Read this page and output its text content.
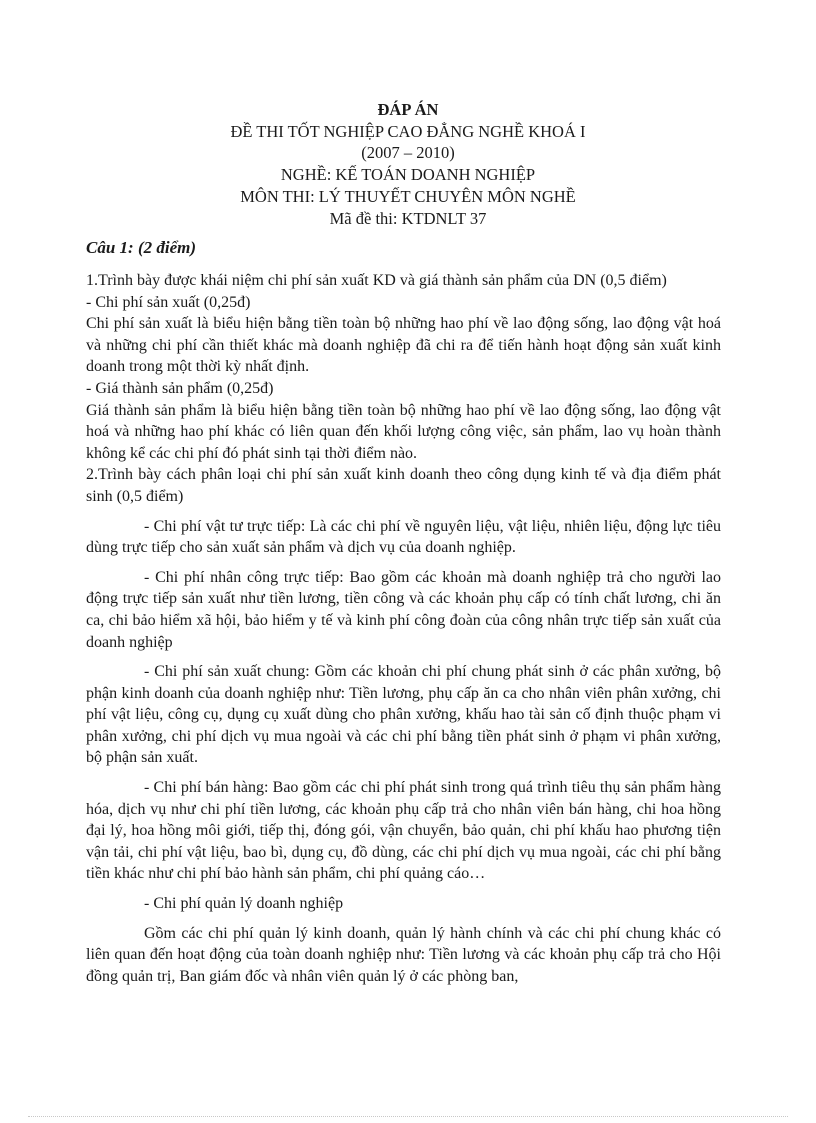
ĐÁP ÁN
ĐỀ THI TỐT NGHIỆP CAO ĐẲNG NGHỀ KHOÁ I
(2007 – 2010)
NGHỀ: KẾ TOÁN DOANH NGHIỆP
MÔN THI: LÝ THUYẾT CHUYÊN MÔN NGHỀ
Mã đề thi: KTDNLT 37
Câu 1: (2 điểm)

1.Trình bày được khái niệm chi phí sản xuất KD và giá thành sản phẩm của DN (0,5 điểm)

- Chi phí sản xuất (0,25đ)

Chi phí sản xuất là biểu hiện bằng tiền toàn bộ những hao phí về lao động sống, lao động vật hoá và những chi phí cần thiết khác mà doanh nghiệp đã chi ra để tiến hành hoạt động sản xuất kinh doanh trong một thời kỳ nhất định.

- Giá thành sản phẩm (0,25đ)

Giá thành sản phẩm là biểu hiện bằng tiền toàn bộ những hao phí về lao động sống, lao động vật hoá và những hao phí khác có liên quan đến khối lượng công việc, sản phẩm, lao vụ hoàn thành không kể các chi phí đó phát sinh tại thời điểm nào.

2.Trình bày cách phân loại chi phí sản xuất kinh doanh theo công dụng kinh tế và địa điểm phát sinh (0,5 điểm)

- Chi phí vật tư trực tiếp: Là các chi phí về nguyên liệu, vật liệu, nhiên liệu, động lực tiêu dùng trực tiếp cho sản xuất sản phẩm và dịch vụ của doanh nghiệp.

- Chi phí nhân công trực tiếp: Bao gồm các khoản mà doanh nghiệp trả cho người lao động trực tiếp sản xuất như tiền lương, tiền công và các khoản phụ cấp có tính chất lương, chi ăn ca, chi bảo hiểm xã hội, bảo hiểm y tế và kinh phí công đoàn của công nhân trực tiếp sản xuất của doanh nghiệp

- Chi phí sản xuất chung: Gồm các khoản chi phí chung phát sinh ở các phân xưởng, bộ phận kinh doanh của doanh nghiệp như: Tiền lương, phụ cấp ăn ca cho nhân viên phân xưởng, chi phí vật liệu, công cụ, dụng cụ xuất dùng cho phân xưởng, khấu hao tài sản cố định thuộc phạm vi phân xưởng, chi phí dịch vụ mua ngoài và các chi phí bằng tiền phát sinh ở phạm vi phân xưởng, bộ phận sản xuất.

- Chi phí bán hàng: Bao gồm các chi phí phát sinh trong quá trình tiêu thụ sản phẩm hàng hóa, dịch vụ như chi phí tiền lương, các khoản phụ cấp trả cho nhân viên bán hàng, chi hoa hồng đại lý, hoa hồng môi giới, tiếp thị, đóng gói, vận chuyển, bảo quản, chi phí khấu hao phương tiện vận tải, chi phí vật liệu, bao bì, dụng cụ, đồ dùng, các chi phí dịch vụ mua ngoài, các chi phí bằng tiền khác như chi phí bảo hành sản phẩm, chi phí quảng cáo…

- Chi phí quản lý doanh nghiệp

Gồm các chi phí quản lý kinh doanh, quản lý hành chính và các chi phí chung khác có liên quan đến hoạt động của toàn doanh nghiệp như: Tiền lương và các khoản phụ cấp trả cho Hội đồng quản trị, Ban giám đốc và nhân viên quản lý ở các phòng ban,
